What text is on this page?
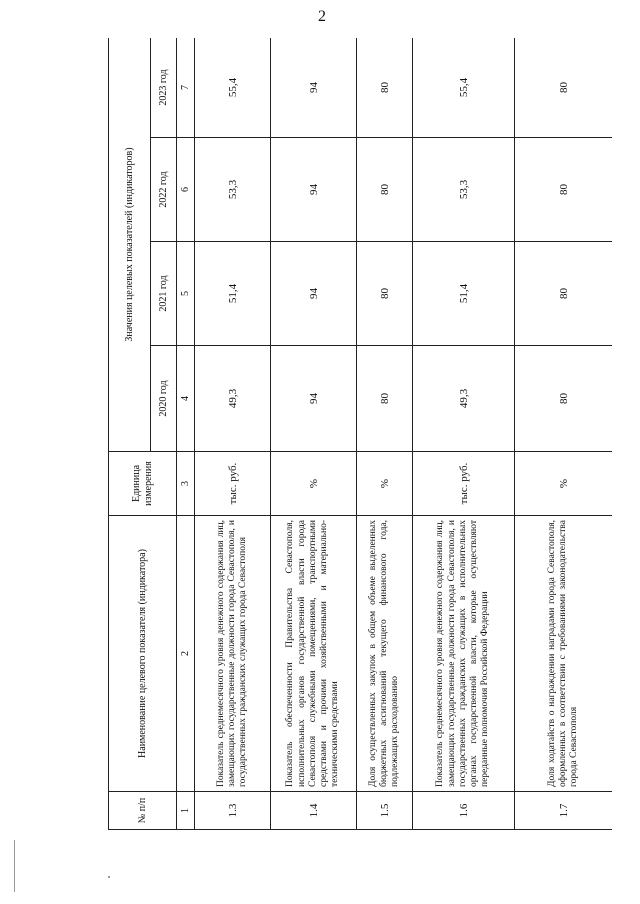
2
№ п/п	Наименование целевого показателя (индикатора)	Единица измерения	Значения целевых показателей (индикаторов)			
			2020 год	2021 год	2022 год	2023 год
1	2	3	4	5	6	7
1.3	Показатель среднемесячного уровня денежного содержания лиц, замещающих государственные должности города Севастополя, и государственных гражданских служащих города Севастополя	тыс. руб.	49,3	51,4	53,3	55,4
1.4	Показатель обеспеченности Правительства Севастополя, исполнительных органов государственной власти города Севастополя служебными помещениями, транспортными средствами и прочими хозяйственными и материально-техническими средствами	%	94	94	94	94
1.5	Доля осуществленных закупок в общем объеме выделенных бюджетных ассигнований текущего финансового года, подлежащих расходованию	%	80	80	80	80
1.6	Показатель среднемесячного уровня денежного содержания лиц, замещающих государственные должности города Севастополя, и государственных гражданских служащих в исполнительных органах государственной власти, которые осуществляют переданные полномочия Российской Федерации	тыс. руб.	49,3	51,4	53,3	55,4
1.7	Доля ходатайств о награждении наградами города Севастополя, оформленных в соответствии с требованиями законодательства города Севастополя	%	80	80	80	80
